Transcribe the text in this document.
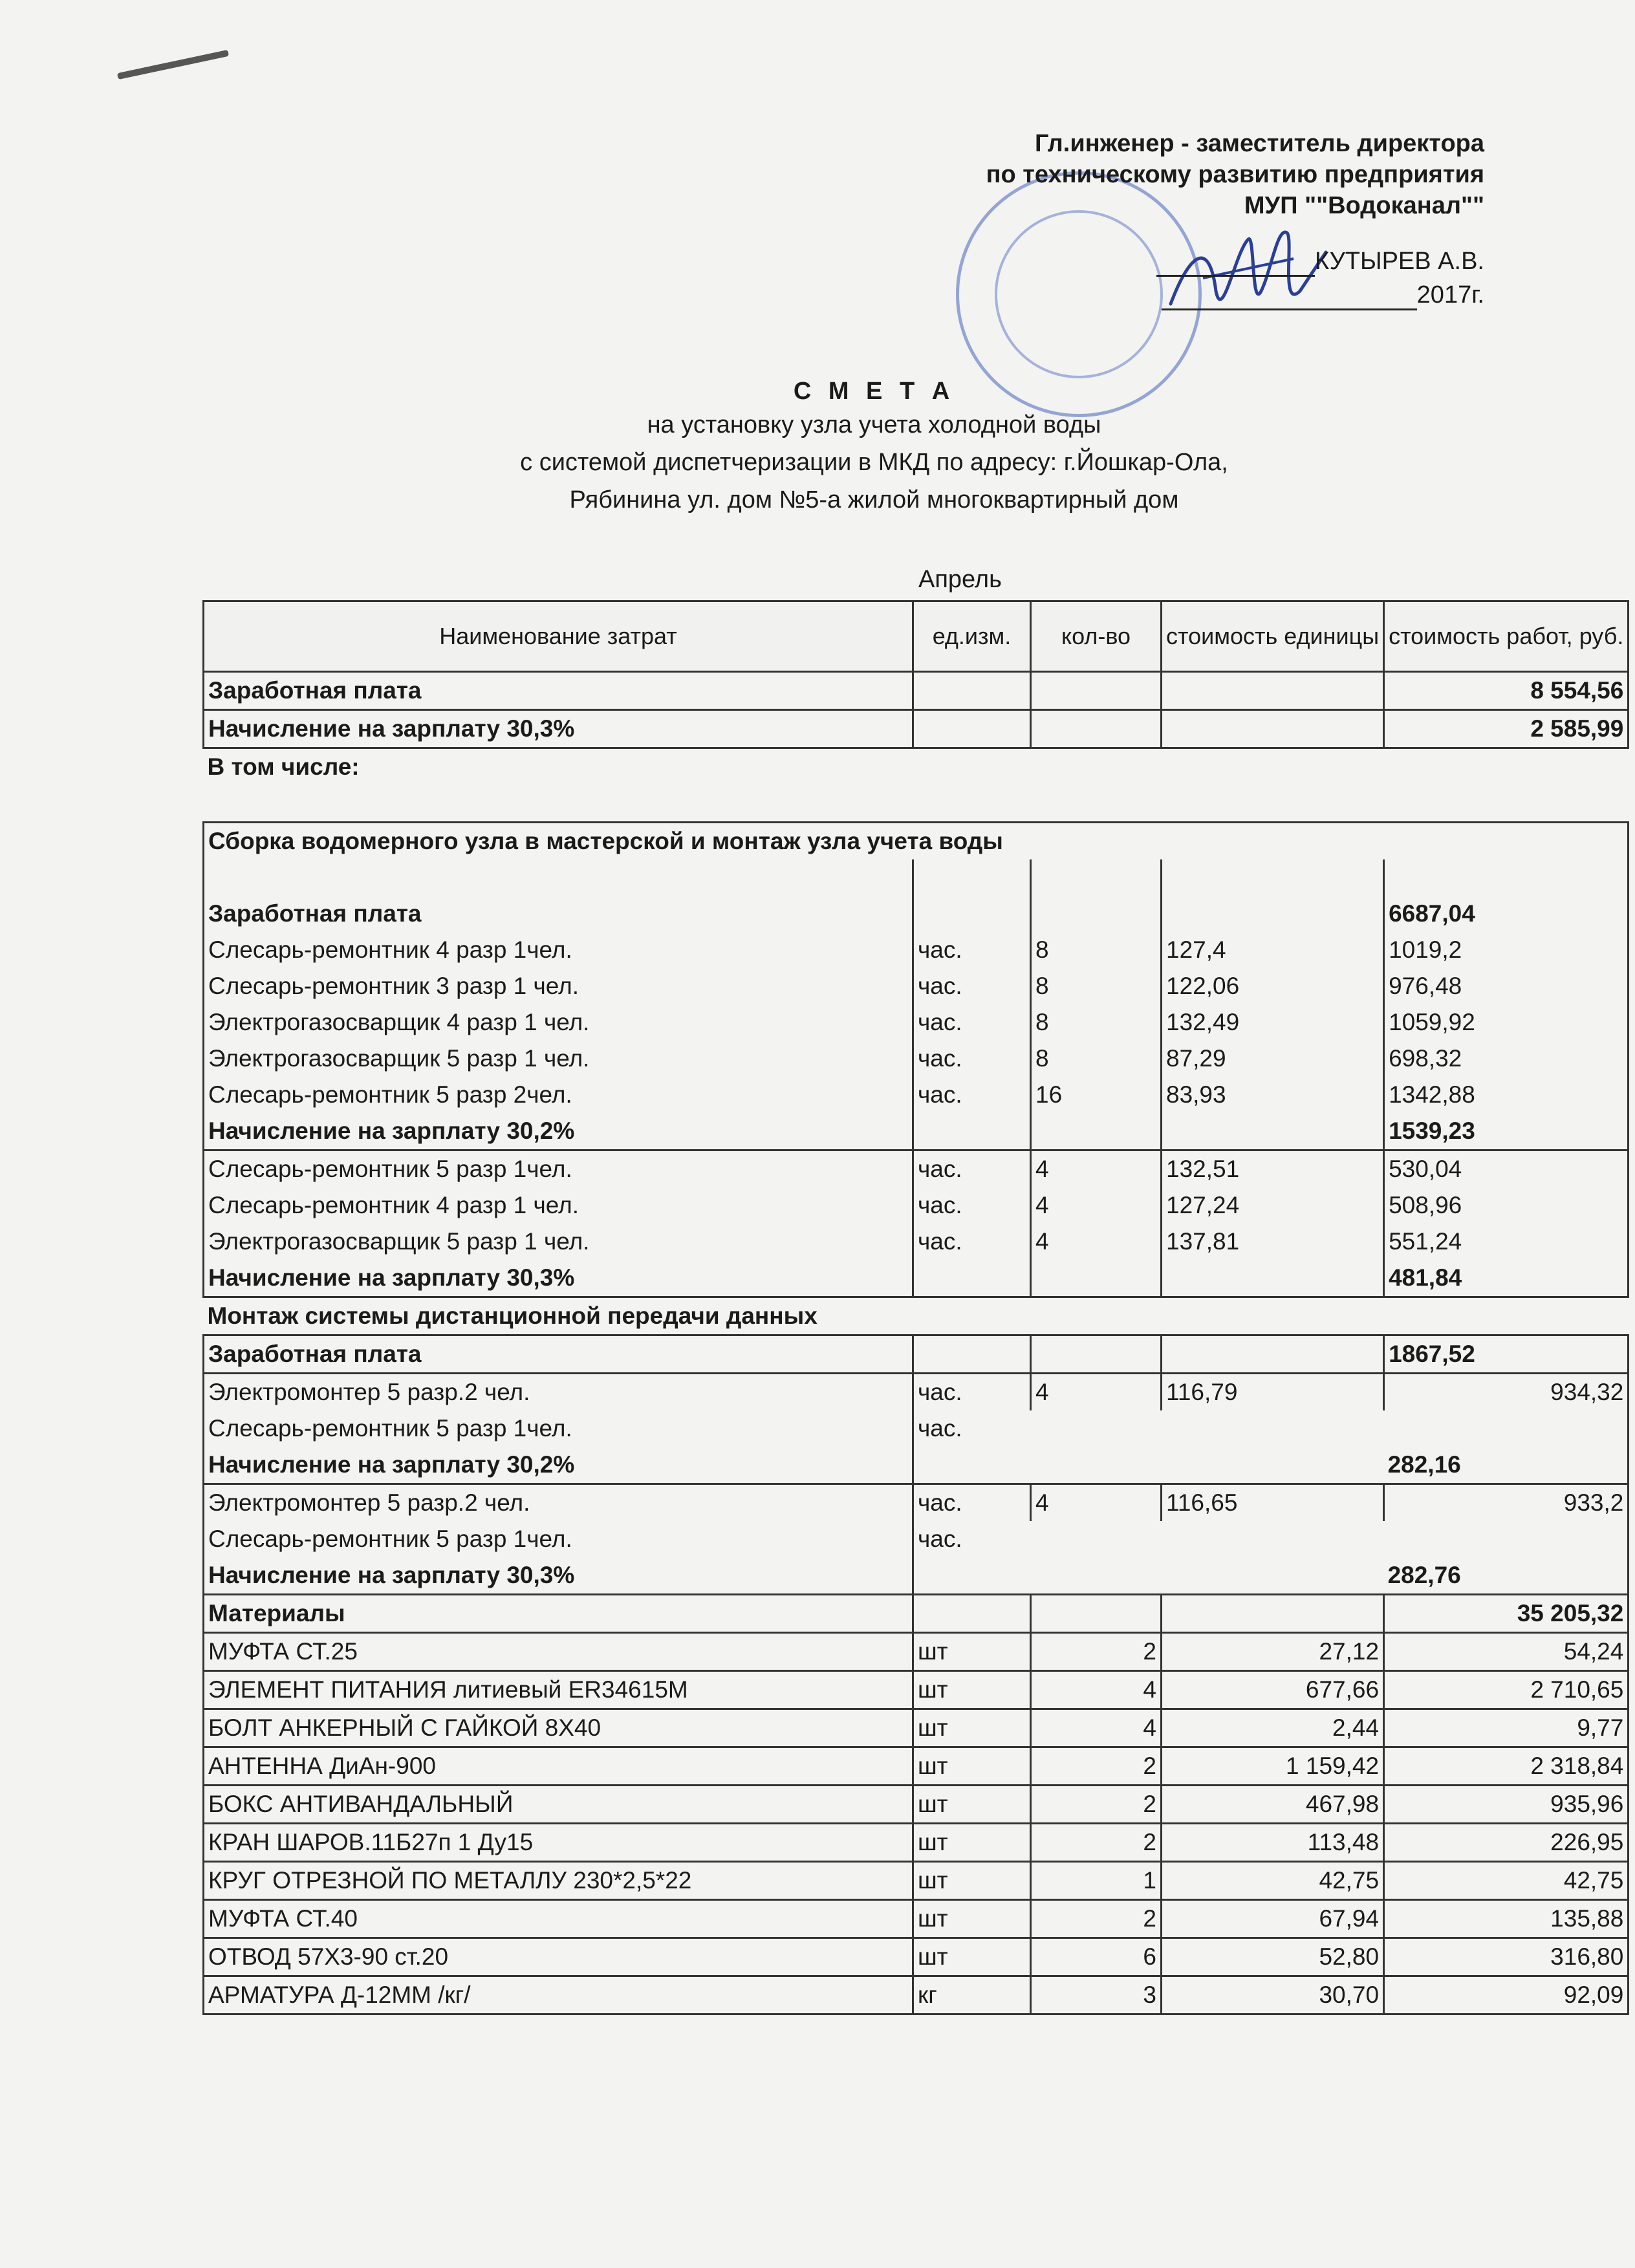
Гл.инженер - заместитель директора
по техническому развитию предприятия
МУП ""Водоканал""
КУТЫРЕВ А.В.
2017г.
С М Е Т А
на установку узла учета холодной воды
с системой диспетчеризации в МКД по адресу: г.Йошкар-Ола,
Рябинина ул. дом №5-а жилой многоквартирный дом
Апрель
Наименование затрат	ед.изм.	кол-во	стоимость единицы	стоимость работ, руб.
Заработная плата				8 554,56
Начисление на зарплату 30,3%				2 585,99
В том числе:				

Сборка водомерного узла в мастерской и монтаж узла учета воды				

Заработная плата				6687,04
Слесарь-ремонтник 4 разр 1чел.	час.	8	127,4	1019,2
Слесарь-ремонтник 3 разр 1 чел.	час.	8	122,06	976,48
Электрогазосварщик 4 разр 1 чел.	час.	8	132,49	1059,92
Электрогазосварщик 5 разр 1 чел.	час.	8	87,29	698,32
Слесарь-ремонтник 5 разр 2чел.	час.	16	83,93	1342,88
Начисление на зарплату 30,2%				1539,23
Слесарь-ремонтник 5 разр 1чел.	час.	4	132,51	530,04
Слесарь-ремонтник 4 разр 1 чел.	час.	4	127,24	508,96
Электрогазосварщик 5 разр 1 чел.	час.	4	137,81	551,24
Начисление на зарплату 30,3%				481,84
Монтаж системы дистанционной передачи данных				
Заработная плата				1867,52
Электромонтер 5 разр.2 чел.	час.	4	116,79	934,32
Слесарь-ремонтник 5 разр 1чел.	час.			
Начисление на зарплату 30,2%				282,16
Электромонтер 5 разр.2 чел.	час.	4	116,65	933,2
Слесарь-ремонтник 5 разр 1чел.	час.			
Начисление на зарплату 30,3%				282,76
Материалы				35 205,32
МУФТА СТ.25	шт	2	27,12	54,24
ЭЛЕМЕНТ ПИТАНИЯ литиевый ER34615M	шт	4	677,66	2 710,65
БОЛТ АНКЕРНЫЙ С ГАЙКОЙ 8Х40	шт	4	2,44	9,77
АНТЕННА ДиАн-900	шт	2	1 159,42	2 318,84
БОКС АНТИВАНДАЛЬНЫЙ	шт	2	467,98	935,96
КРАН ШАРОВ.11Б27п 1 Ду15	шт	2	113,48	226,95
КРУГ ОТРЕЗНОЙ ПО МЕТАЛЛУ 230*2,5*22	шт	1	42,75	42,75
МУФТА СТ.40	шт	2	67,94	135,88
ОТВОД 57Х3-90 ст.20	шт	6	52,80	316,80
АРМАТУРА Д-12ММ /кг/	кг	3	30,70	92,09
